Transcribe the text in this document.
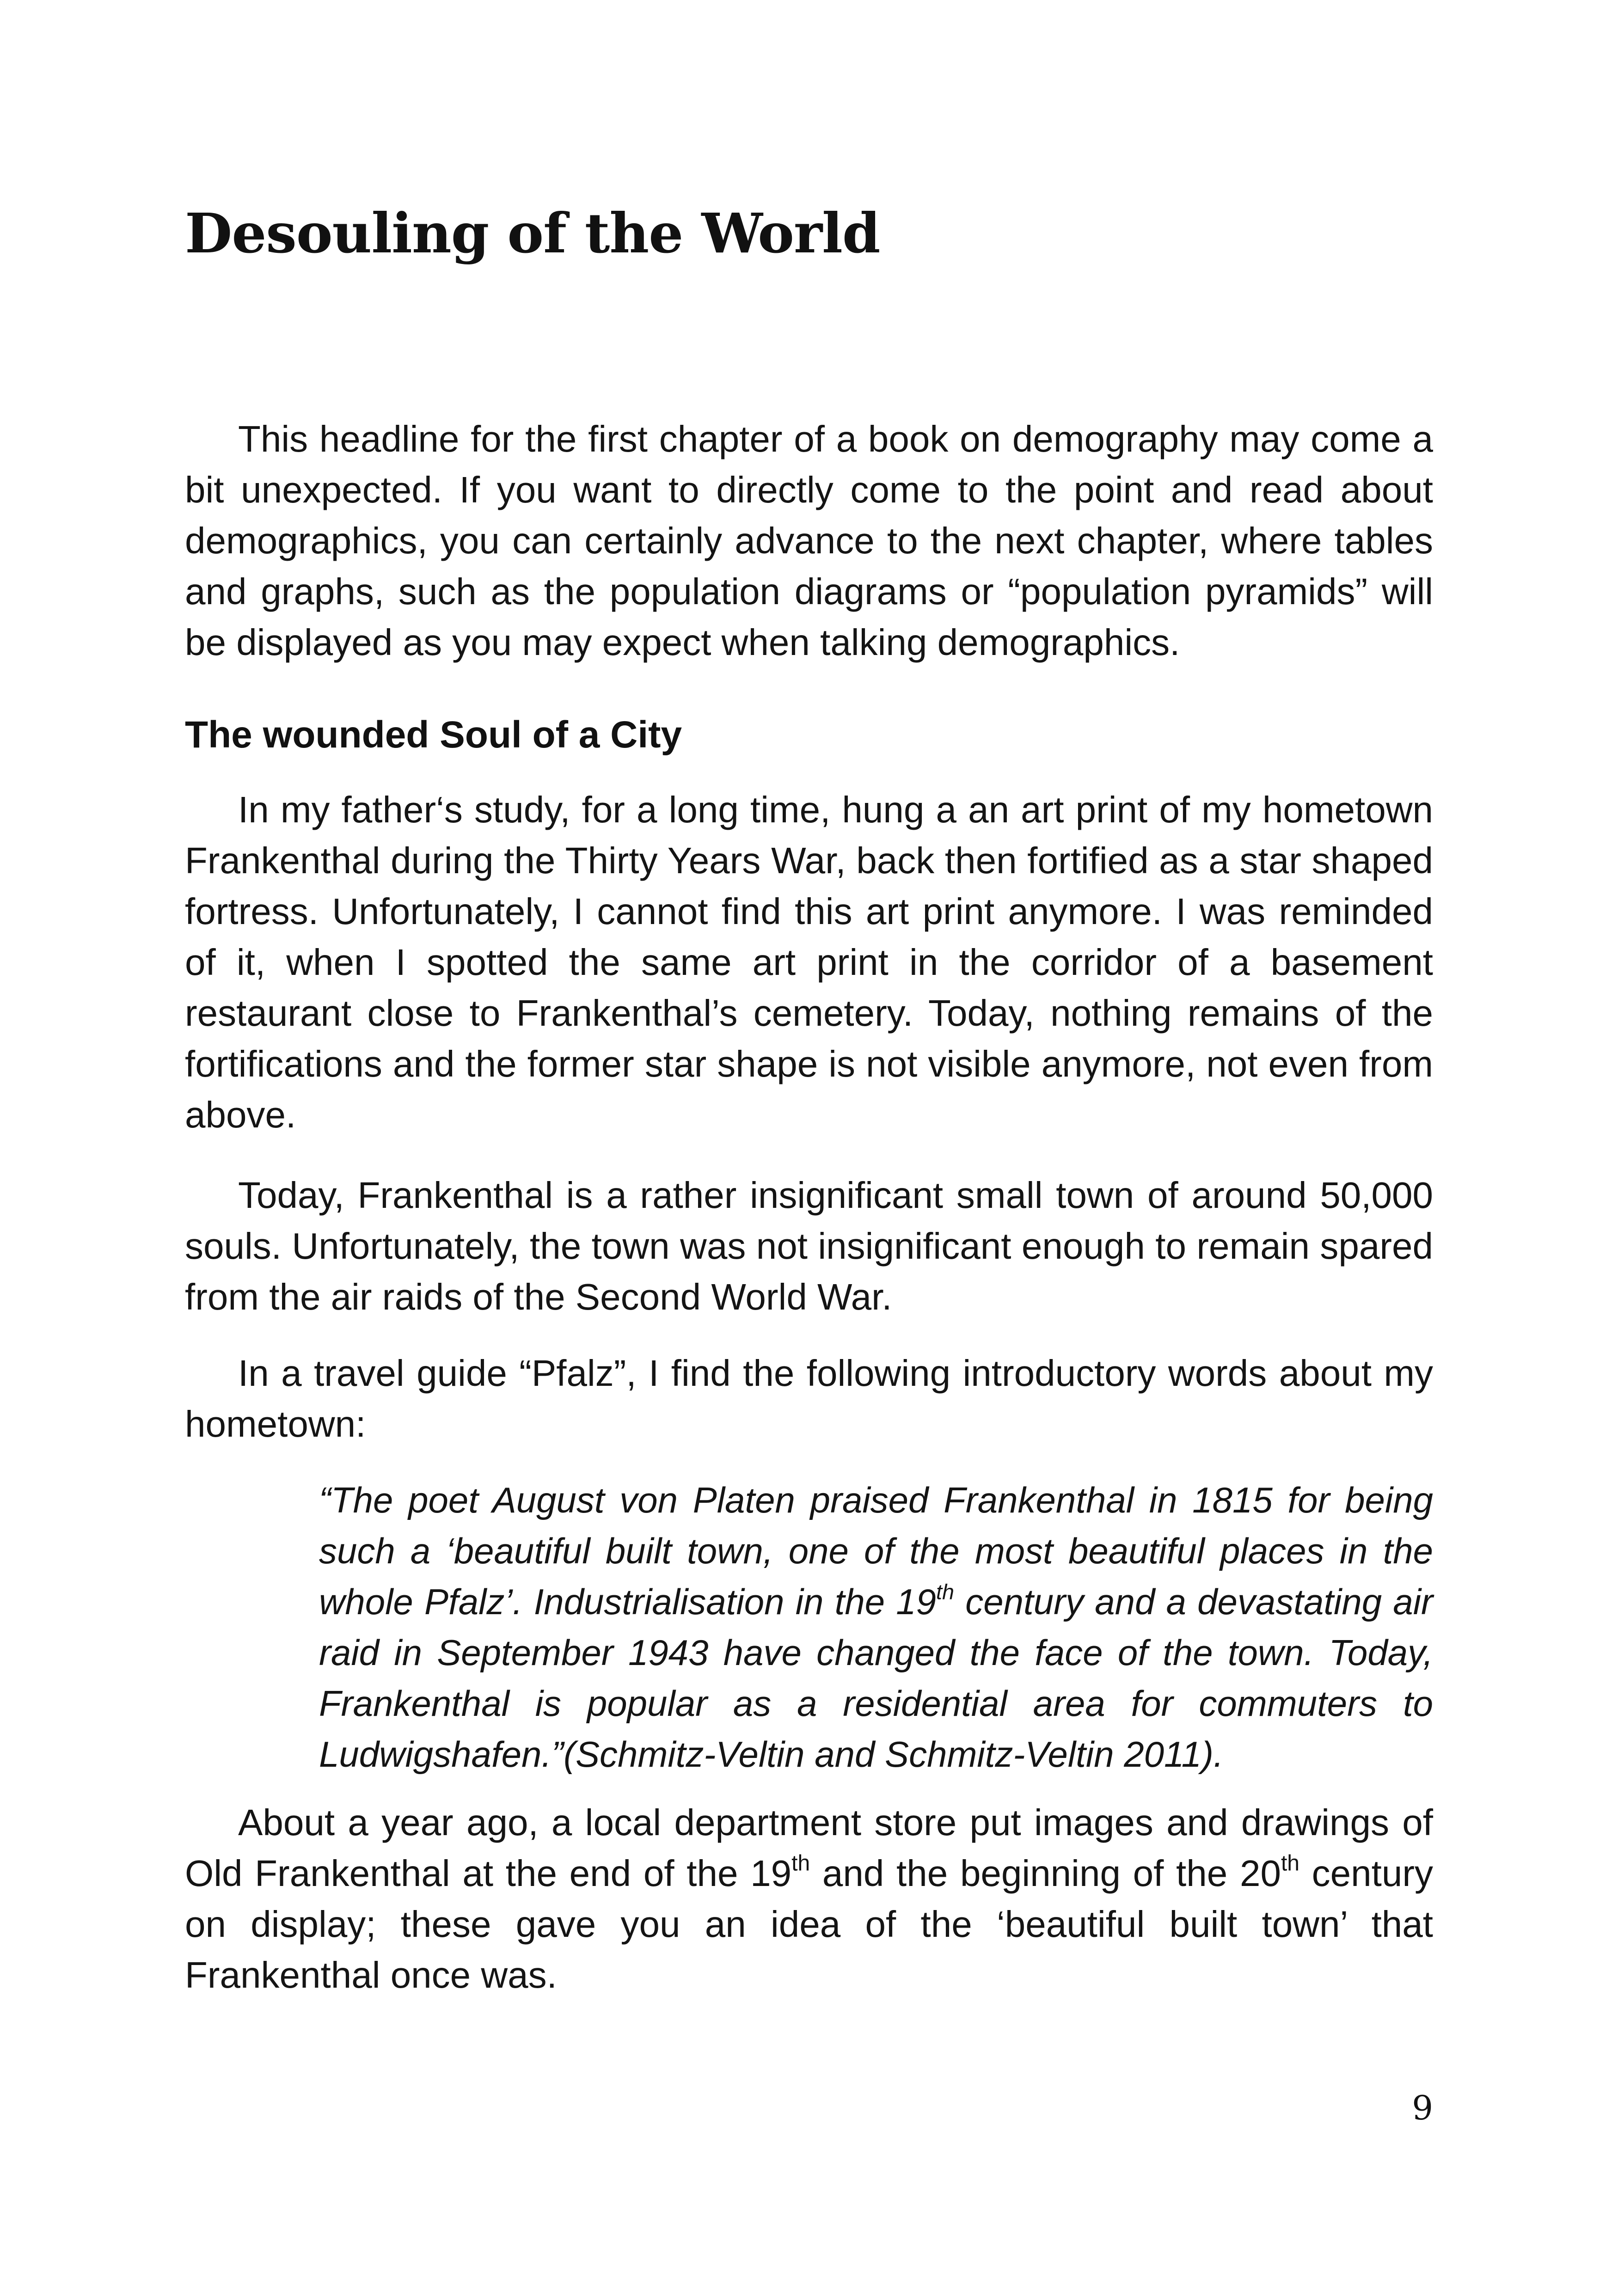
Desouling of the World

This headline for the first chapter of a book on demography may come a bit unexpected. If you want to directly come to the point and read about demographics, you can certainly advance to the next chapter, where tables and graphs, such as the population diagrams or “population pyramids” will be displayed as you may expect when talking demographics.

The wounded Soul of a City

In my father‘s study, for a long time, hung a an art print of my hometown Frankenthal during the Thirty Years War, back then fortified as a star shaped fortress. Unfortunately, I cannot find this art print anymore. I was reminded of it, when I spotted the same art print in the corridor of a basement restaurant close to Frankenthal’s cemetery. Today, nothing remains of the fortifications and the former star shape is not visible anymore, not even from above.

Today, Frankenthal is a rather insignificant small town of around 50,000 souls. Unfortunately, the town was not insignificant enough to remain spared from the air raids of the Second World War.

In a travel guide “Pfalz”, I find the following introductory words about my hometown:

“The poet August von Platen praised Frankenthal in 1815 for being such a ‘beautiful built town, one of the most beautiful places in the whole Pfalz’. Industrialisation in the 19th century and a devastating air raid in September 1943 have changed the face of the town. Today, Frankenthal is popular as a residential area for commuters to Ludwigshafen.”(Schmitz-Veltin and Schmitz-Veltin 2011).

About a year ago, a local department store put images and drawings of Old Frankenthal at the end of the 19th and the beginning of the 20th century on display; these gave you an idea of the ‘beautiful built town’ that Frankenthal once was.

9
